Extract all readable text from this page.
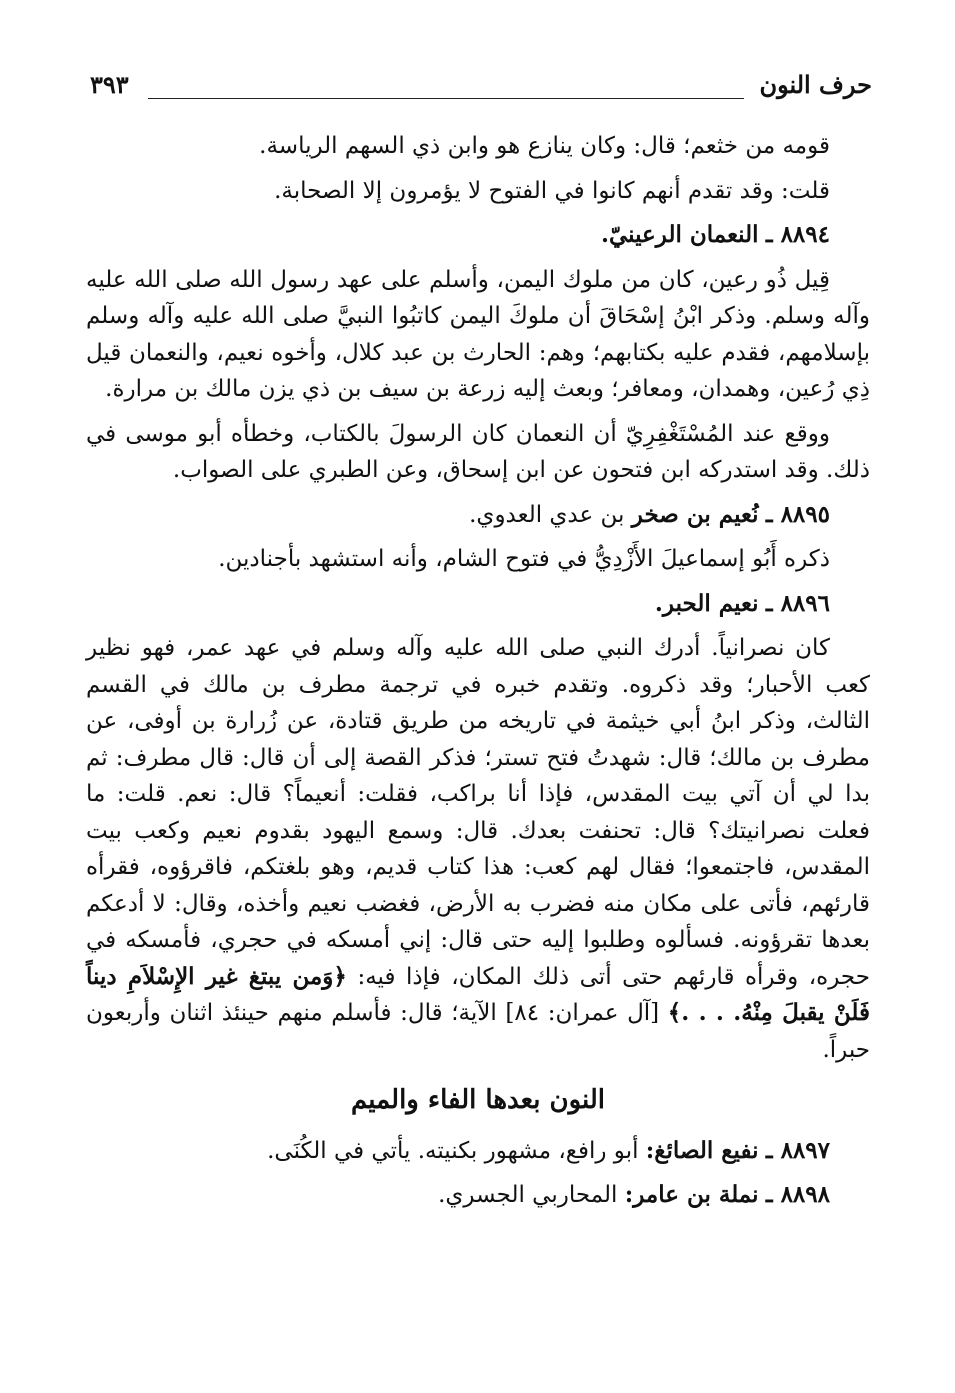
حرف النون
٣٩٣

قومه من خثعم؛ قال: وكان ينازع هو وابن ذي السهم الرياسة.

قلت: وقد تقدم أنهم كانوا في الفتوح لا يؤمرون إلا الصحابة.

٨٨٩٤ ـ النعمان الرعينيّ.

قِيل ذُو رعين، كان من ملوك اليمن، وأسلم على عهد رسول الله صلى الله عليه وآله وسلم. وذكر ابْنُ إسْحَاقَ أن ملوكَ اليمن كاتبُوا النبيَّ صلى الله عليه وآله وسلم بإسلامهم، فقدم عليه بكتابهم؛ وهم: الحارث بن عبد كلال، وأخوه نعيم، والنعمان قيل ذِي رُعين، وهمدان، ومعافر؛ وبعث إليه زرعة بن سيف بن ذي يزن مالك بن مرارة.

ووقع عند المُسْتَغْفِرِيّ أن النعمان كان الرسولَ بالكتاب، وخطأه أبو موسى في ذلك. وقد استدركه ابن فتحون عن ابن إسحاق، وعن الطبري على الصواب.

٨٨٩٥ ـ نُعيم بن صخر بن عدي العدوي.

ذكره أَبُو إسماعيلَ الأَزْدِيُّ في فتوح الشام، وأنه استشهد بأجنادين.

٨٨٩٦ ـ نعيم الحبر.

كان نصرانياً. أدرك النبي صلى الله عليه وآله وسلم في عهد عمر، فهو نظير كعب الأحبار؛ وقد ذكروه. وتقدم خبره في ترجمة مطرف بن مالك في القسم الثالث، وذكر ابنُ أبي خيثمة في تاريخه من طريق قتادة، عن زُرارة بن أوفى، عن مطرف بن مالك؛ قال: شهدتُ فتح تستر؛ فذكر القصة إلى أن قال: قال مطرف: ثم بدا لي أن آتي بيت المقدس، فإذا أنا براكب، فقلت: أنعيماً؟ قال: نعم. قلت: ما فعلت نصرانيتك؟ قال: تحنفت بعدك. قال: وسمع اليهود بقدوم نعيم وكعب بيت المقدس، فاجتمعوا؛ فقال لهم كعب: هذا كتاب قديم، وهو بلغتكم، فاقرؤوه، فقرأه قارئهم، فأتى على مكان منه فضرب به الأرض، فغضب نعيم وأخذه، وقال: لا أدعكم بعدها تقرؤونه. فسألوه وطلبوا إليه حتى قال: إني أمسكه في حجري، فأمسكه في حجره، وقرأه قارئهم حتى أتى ذلك المكان، فإذا فيه: ﴿وَمن يبتغ غير الإِسْلاَمِ ديناً فَلَنْ يقبلَ مِنْهُ. . . .﴾ [آل عمران: ٨٤] الآية؛ قال: فأسلم منهم حينئذ اثنان وأربعون حبراً.

النون بعدها الفاء والميم

٨٨٩٧ ـ نفيع الصائغ: أبو رافع، مشهور بكنيته. يأتي في الكُنَى.

٨٨٩٨ ـ نملة بن عامر: المحاربي الجسري.
